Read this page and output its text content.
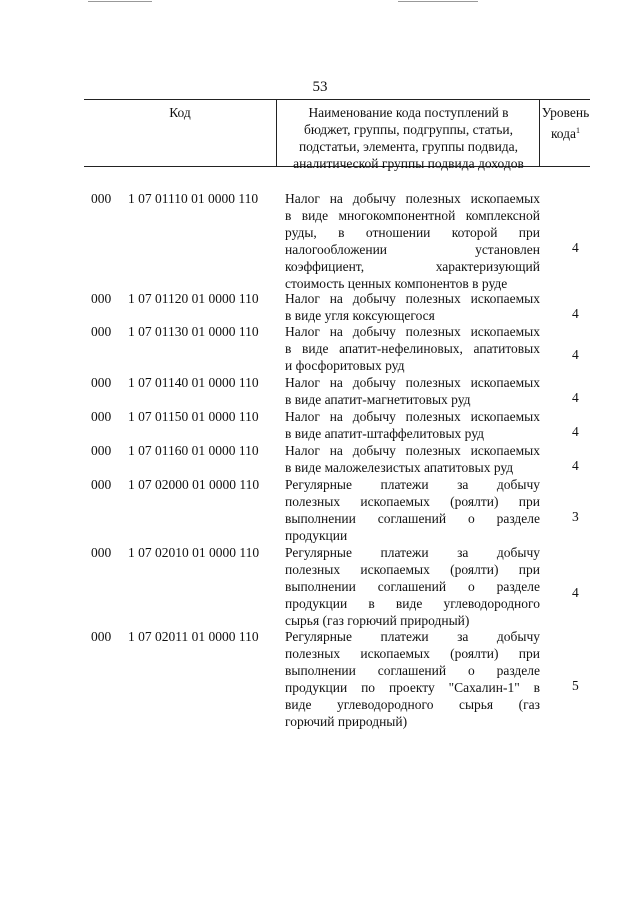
53
Код	Наименование кода поступлений в
бюджет, группы, подгруппы, статьи,
подстатьи, элемента, группы подвида,
аналитической группы подвида доходов
Уровень
кода$^1$
000 1 07 01110 01 0000 110 Налог на добычу полезных ископаемых
в виде многокомпонентной комплексной
руды, в отношении которой при
налогообложении установлен
коэффициент, характеризующий
стоимость ценных компонентов в руде
4
000 1 07 01120 01 0000 110 Налог на добычу полезных ископаемых
в виде угля коксующегося	4
000 1 07 01130 01 0000 110 Налог на добычу полезных ископаемых
в виде апатит-нефелиновых, апатитовых
и фосфоритовых руд
4
000 1 07 01140 01 0000 110 Налог на добычу полезных ископаемых
в виде апатит-магнетитовых руд	4
000 1 07 01150 01 0000 110 Налог на добычу полезных ископаемых
в виде апатит-штаффелитовых руд	4
000 1 07 01160 01 0000 110 Налог на добычу полезных ископаемых
в виде маложелезистых апатитовых руд	4
000 1 07 02000 01 0000 110 Регулярные платежи за добычу
полезных ископаемых (роялти) при
выполнении соглашений о разделе
продукции
3
000 1 07 02010 01 0000 110 Регулярные платежи за добычу
полезных ископаемых (роялти) при
выполнении соглашений о разделе
продукции в виде углеводородного
сырья (газ горючий природный)
4
000 1 07 02011 01 0000 110 Регулярные платежи за добычу
полезных ископаемых (роялти) при
выполнении соглашений о разделе
продукции по проекту "Сахалин-1" в
виде углеводородного сырья (газ
горючий природный)
5
